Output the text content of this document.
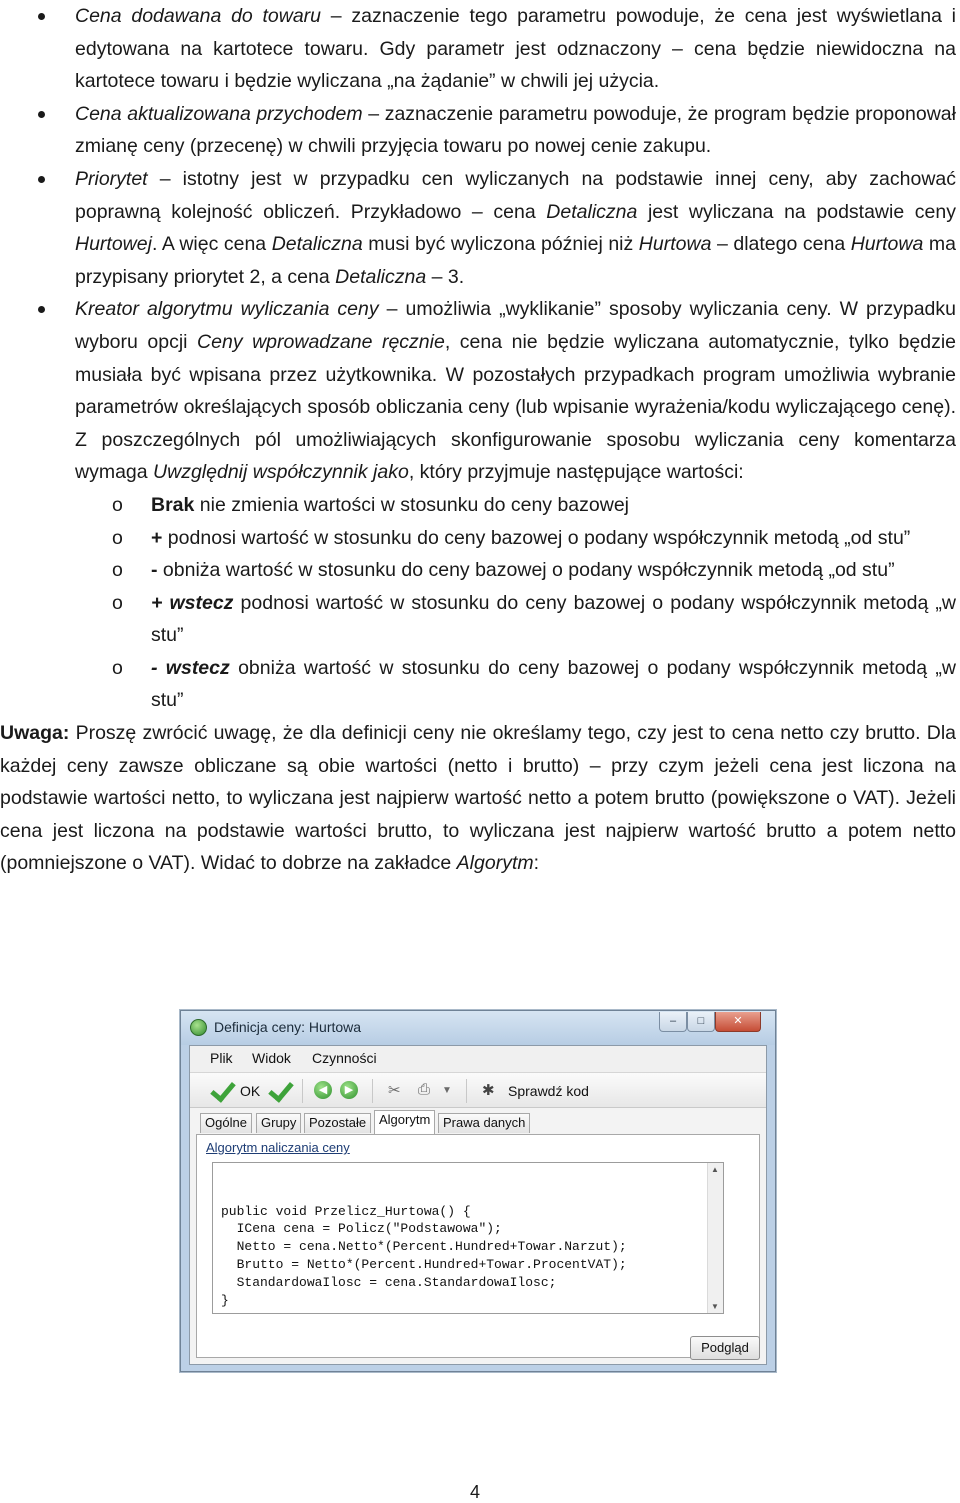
Cena dodawana do towaru – zaznaczenie tego parametru powoduje, że cena jest wyświetlana i edytowana na kartotece towaru. Gdy parametr jest odznaczony – cena będzie niewidoczna na kartotece towaru i będzie wyliczana „na żądanie” w chwili jej użycia.
Cena aktualizowana przychodem – zaznaczenie parametru powoduje, że program będzie proponował zmianę ceny (przecenę) w chwili przyjęcia towaru po nowej cenie zakupu.
Priorytet – istotny jest w przypadku cen wyliczanych na podstawie innej ceny, aby zachować poprawną kolejność obliczeń. Przykładowo – cena Detaliczna jest wyliczana na podstawie ceny Hurtowej. A więc cena Detaliczna musi być wyliczona później niż Hurtowa – dlatego cena Hurtowa ma przypisany priorytet 2, a cena Detaliczna – 3.
Kreator algorytmu wyliczania ceny – umożliwia „wyklikanie” sposoby wyliczania ceny. W przypadku wyboru opcji Ceny wprowadzane ręcznie, cena nie będzie wyliczana automatycznie, tylko będzie musiała być wpisana przez użytkownika. W pozostałych przypadkach program umożliwia wybranie parametrów określających sposób obliczania ceny (lub wpisanie wyrażenia/kodu wyliczającego cenę). Z poszczególnych pól umożliwiających skonfigurowanie sposobu wyliczania ceny komentarza wymaga Uwzględnij współczynnik jako, który przyjmuje następujące wartości:
o Brak nie zmienia wartości w stosunku do ceny bazowej
o + podnosi wartość w stosunku do ceny bazowej o podany współczynnik metodą „od stu”
o - obniża wartość w stosunku do ceny bazowej o podany współczynnik metodą „od stu”
o + wstecz podnosi wartość w stosunku do ceny bazowej o podany współczynnik metodą „w stu”
o - wstecz obniża wartość w stosunku do ceny bazowej o podany współczynnik metodą „w stu”

Uwaga: Proszę zwrócić uwagę, że dla definicji ceny nie określamy tego, czy jest to cena netto czy brutto. Dla każdej ceny zawsze obliczane są obie wartości (netto i brutto) – przy czym jeżeli cena jest liczona na podstawie wartości netto, to wyliczana jest najpierw wartość netto a potem brutto (powiększone o VAT). Jeżeli cena jest liczona na podstawie wartości brutto, to wyliczana jest najpierw wartość brutto a potem netto (pomniejszone o VAT). Widać to dobrze na zakładce Algorytm:

Definicja ceny: Hurtowa	–	□	✕
Plik Widok Czynności
OK	◀	▶	✂ ⎙ ▼ ✱ Sprawdź kod
Ogólne	Grupy Pozostałe Algorytm Prawa danych
Algorytm naliczania ceny

public void Przelicz_Hurtowa() {
ICena cena = Policz("Podstawowa");
Netto = cena.Netto*(Percent.Hundred+Towar.Narzut);
Brutto = Netto*(Percent.Hundred+Towar.ProcentVAT);
StandardowaIlosc = cena.StandardowaIlosc;
}

▲
▼
Podgląd
4
